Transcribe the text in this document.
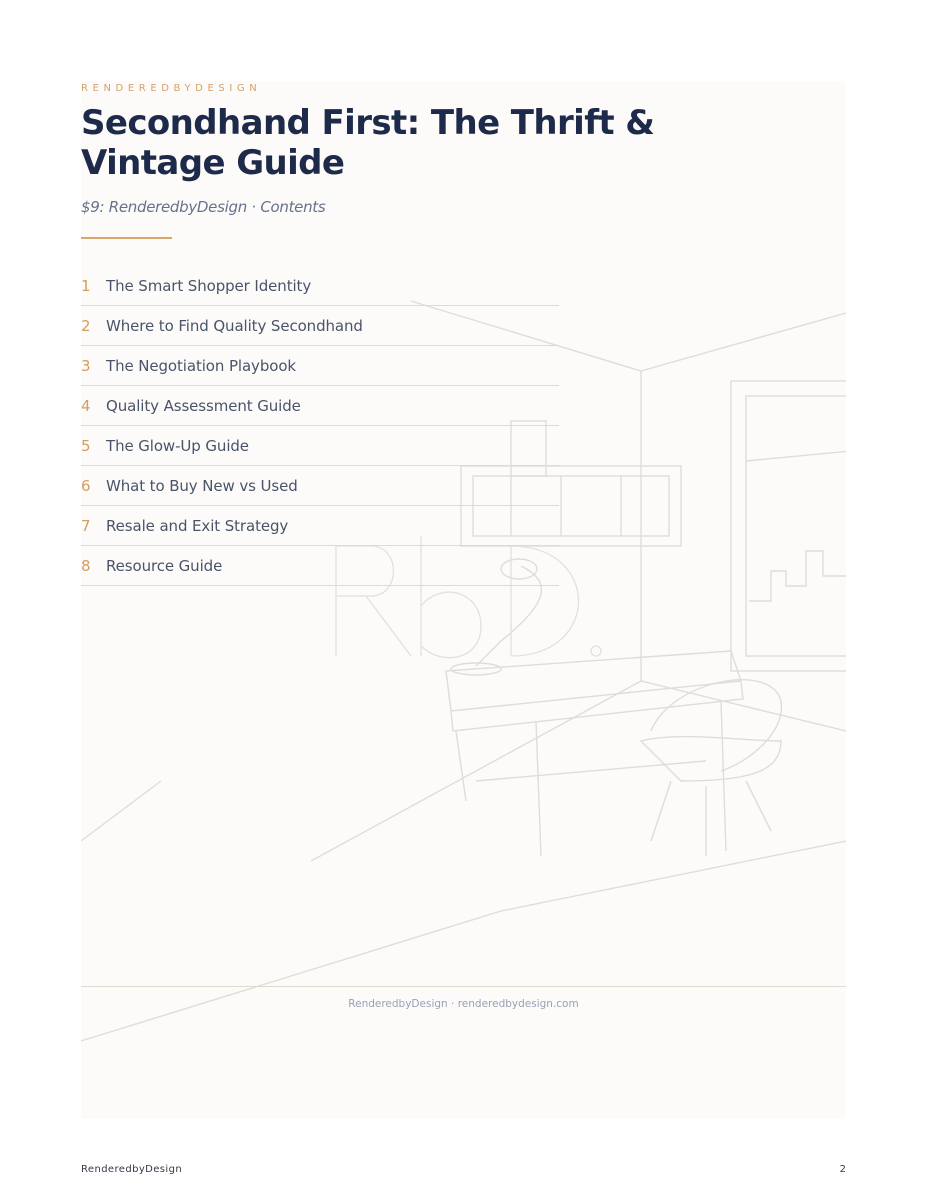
RENDEREDBYDESIGN

Secondhand First: The Thrift & Vintage Guide

$9: RenderedbyDesign · Contents

1	The Smart Shopper Identity
2	Where to Find Quality Secondhand
3	The Negotiation Playbook
4	Quality Assessment Guide
5	The Glow-Up Guide
6	What to Buy New vs Used
7	Resale and Exit Strategy
8	Resource Guide

RenderedbyDesign · renderedbydesign.com

RenderedbyDesign	2
